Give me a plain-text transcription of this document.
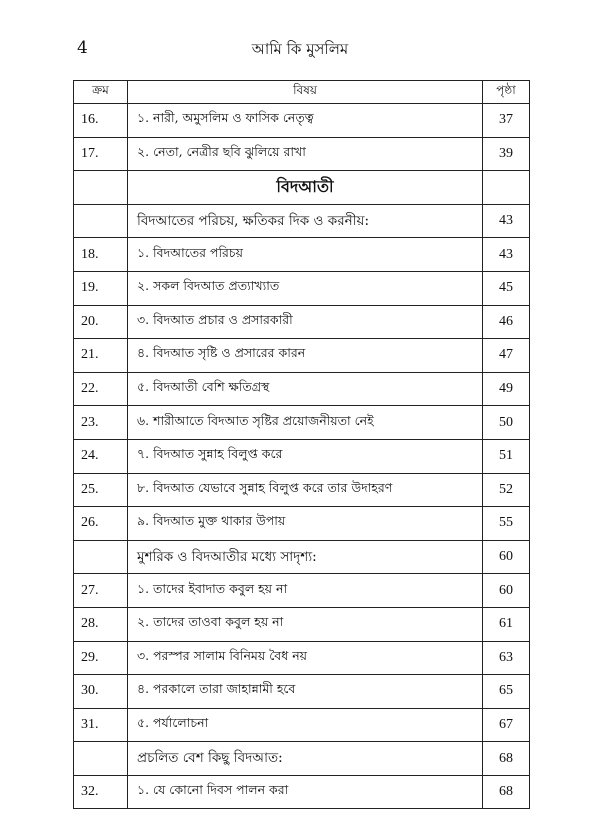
4	আমি কি মুসলিম
ক্রম	বিষয়	পৃষ্ঠা
16.	১. নারী, অমুসলিম ও ফাসিক নেতৃত্ব	37
17.	২. নেতা, নেত্রীর ছবি ঝুলিয়ে রাখা	39
	বিদআতী	
	বিদআতের পরিচয়, ক্ষতিকর দিক ও করনীয়:	43
18.	১. বিদআতের পরিচয়	43
19.	২. সকল বিদআত প্রত্যাখ্যাত	45
20.	৩. বিদআত প্রচার ও প্রসারকারী	46
21.	৪. বিদআত সৃষ্টি ও প্রসারের কারন	47
22.	৫. বিদআতী বেশি ক্ষতিগ্রস্থ	49
23.	৬. শারীআতে বিদআত সৃষ্টির প্রয়োজনীয়তা নেই	50
24.	৭. বিদআত সুন্নাহ বিলুপ্ত করে	51
25.	৮. বিদআত যেভাবে সুন্নাহ বিলুপ্ত করে তার উদাহরণ	52
26.	৯. বিদআত মুক্ত থাকার উপায়	55
	মুশরিক ও বিদআতীর মধ্যে সাদৃশ্য:	60
27.	১. তাদের ইবাদাত কবুল হয় না	60
28.	২. তাদের তাওবা কবুল হয় না	61
29.	৩. পরস্পর সালাম বিনিময় বৈধ নয়	63
30.	৪. পরকালে তারা জাহান্নামী হবে	65
31.	৫. পর্যালোচনা	67
	প্রচলিত বেশ কিছু বিদআত:	68
32.	১. যে কোনো দিবস পালন করা	68
